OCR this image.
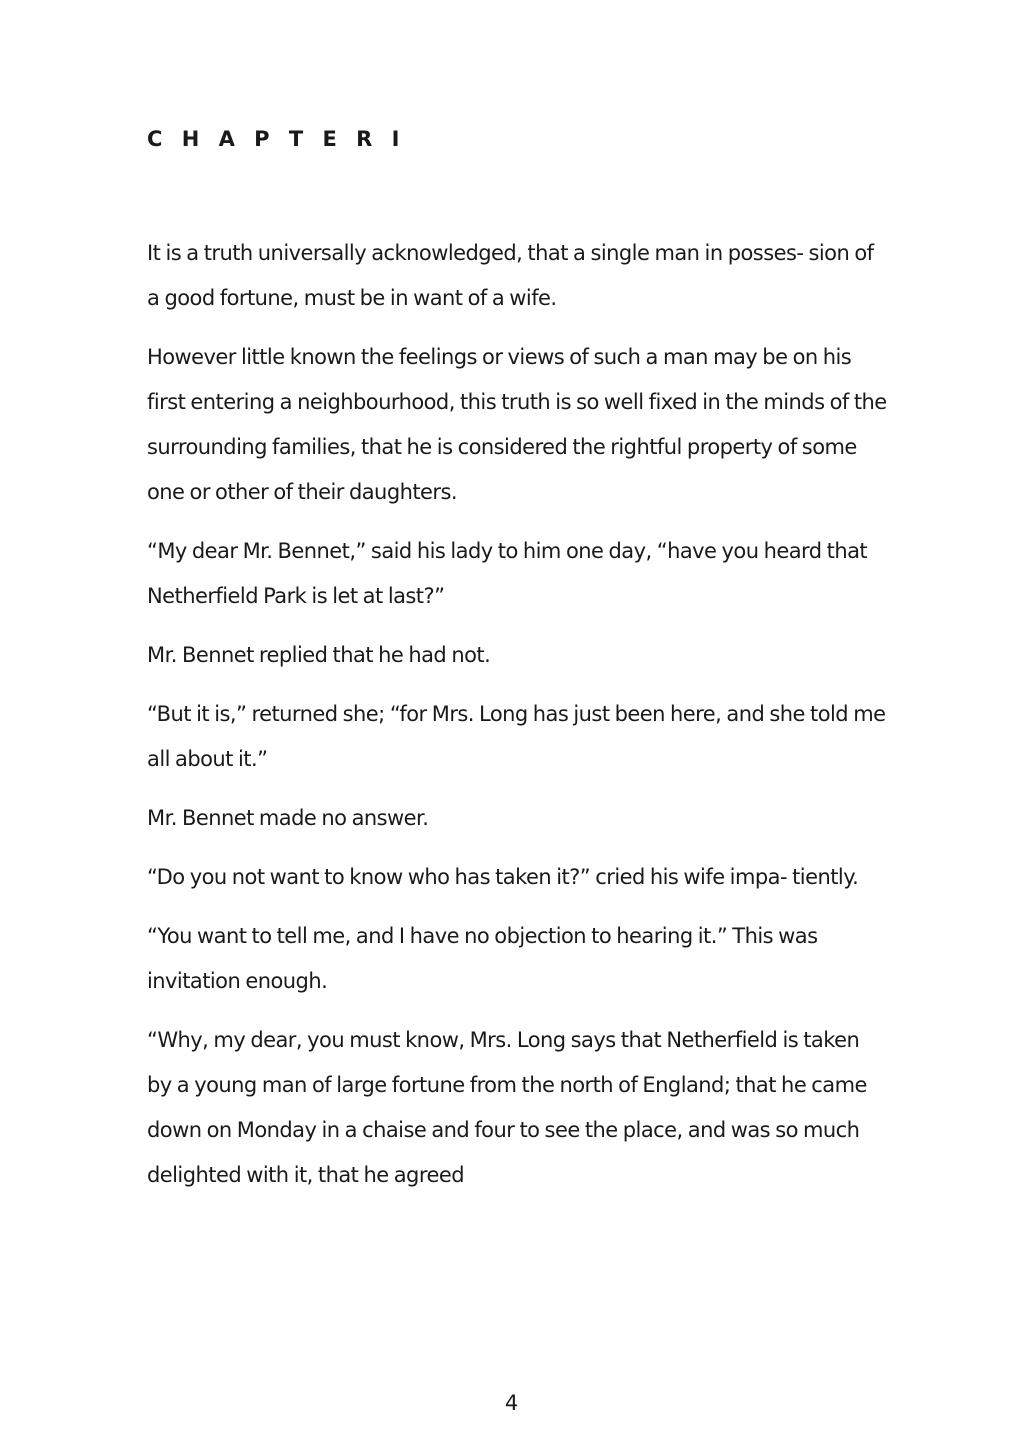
C H A P T E R I

It is a truth universally acknowledged, that a single man in posses- sion of a good fortune, must be in want of a wife.

However little known the feelings or views of such a man may be on his first entering a neighbourhood, this truth is so well fixed in the minds of the surrounding families, that he is considered the rightful property of some one or other of their daughters.

“My dear Mr. Bennet,” said his lady to him one day, “have you heard that Netherfield Park is let at last?”

Mr. Bennet replied that he had not.

“But it is,” returned she; “for Mrs. Long has just been here, and she told me all about it.”

Mr. Bennet made no answer.

“Do you not want to know who has taken it?” cried his wife impa- tiently.

“You want to tell me, and I have no objection to hearing it.” This was invitation enough.

“Why, my dear, you must know, Mrs. Long says that Netherfield is taken by a young man of large fortune from the north of England; that he came down on Monday in a chaise and four to see the place, and was so much delighted with it, that he agreed

4
